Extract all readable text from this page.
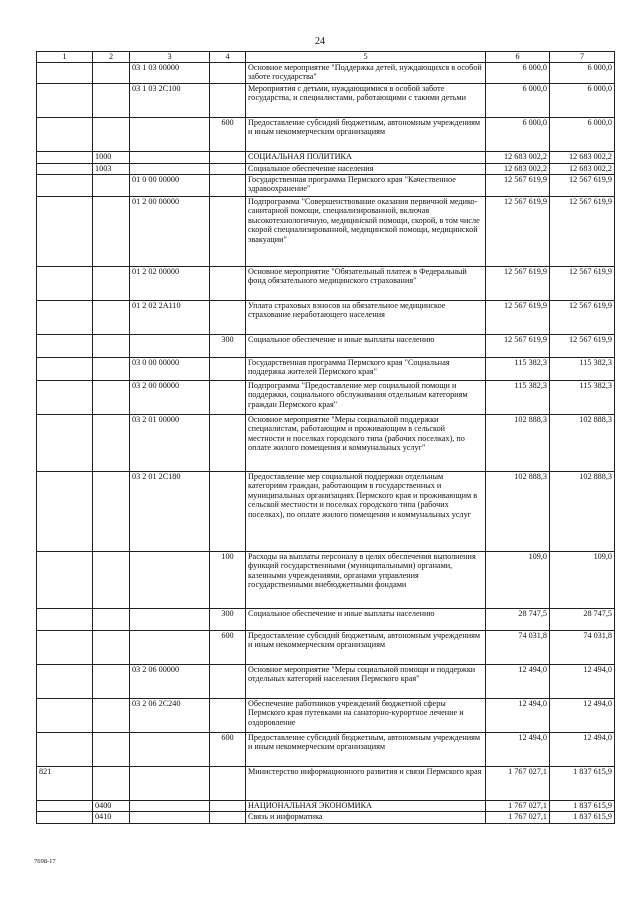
24
1	2	3	4	5	6	7
		03 1 03 00000		Основное мероприятие "Поддержка детей, нуждающихся в особой заботе государства"	6 000,0	6 000,0
		03 1 03 2С100		Мероприятия с детьми, нуждающимися в особой заботе государства, и специалистами, работающими с такими детьми	6 000,0	6 000,0
			600	Предоставление субсидий бюджетным, автономным учреждениям и иным некоммерческим организациям	6 000,0	6 000,0
	1000			СОЦИАЛЬНАЯ ПОЛИТИКА	12 683 002,2	12 683 002,2
	1003			Социальное обеспечение населения	12 683 002,2	12 683 002,2
		01 0 00 00000		Государственная программа Пермского края "Качественное здравоохранение"	12 567 619,9	12 567 619,9
		01 2 00 00000		Подпрограмма "Совершенствование оказания первичной медико-санитарной помощи, специализированной, включая высокотехнологичную, медицинской помощи, скорой, в том числе скорой специализированной, медицинской помощи, медицинской эвакуации"	12 567 619,9	12 567 619,9
		01 2 02 00000		Основное мероприятие "Обязательный платеж в Федеральный фонд обязательного медицинского страхования"	12 567 619,9	12 567 619,9
		01 2 02 2А110		Уплата страховых взносов на обязательное медицинское страхование неработающего населения	12 567 619,9	12 567 619,9
			300	Социальное обеспечение и иные выплаты населению	12 567 619,9	12 567 619,9
		03 0 00 00000		Государственная программа Пермского края "Социальная поддержка жителей Пермского края"	115 382,3	115 382,3
		03 2 00 00000		Подпрограмма "Предоставление мер социальной помощи и поддержки, социального обслуживания отдельным категориям граждан Пермского края"	115 382,3	115 382,3
		03 2 01 00000		Основное мероприятие "Меры социальной поддержки специалистам, работающим и проживающим в сельской местности и поселках городского типа (рабочих поселках), по оплате жилого помещения и коммунальных услуг"	102 888,3	102 888,3
		03 2 01 2С180		Предоставление мер социальной поддержки отдельным категориям граждан, работающим в государственных и муниципальных организациях Пермского края и проживающим в сельской местности и поселках городского типа (рабочих поселках), по оплате жилого помещения и коммунальных услуг	102 888,3	102 888,3
			100	Расходы на выплаты персоналу в целях обеспечения выполнения функций государственными (муниципальными) органами, казенными учреждениями, органами управления государственными внебюджетными фондами	109,0	109,0
			300	Социальное обеспечение и иные выплаты населению	28 747,5	28 747,5
			600	Предоставление субсидий бюджетным, автономным учреждениям и иным некоммерческим организациям	74 031,8	74 031,8
		03 2 06 00000		Основное мероприятие "Меры социальной помощи и поддержки отдельных категорий населения Пермского края"	12 494,0	12 494,0
		03 2 06 2С240		Обеспечение работников учреждений бюджетной сферы Пермского края путевками на санаторно-курортное лечение и оздоровление	12 494,0	12 494,0
			600	Предоставление субсидий бюджетным, автономным учреждениям и иным некоммерческим организациям	12 494,0	12 494,0
821				Министерство информационного развития и связи Пермского края	1 767 027,1	1 837 615,9
	0400			НАЦИОНАЛЬНАЯ ЭКОНОМИКА	1 767 027,1	1 837 615,9
	0410			Связь и информатика	1 767 027,1	1 837 615,9
7698-17
